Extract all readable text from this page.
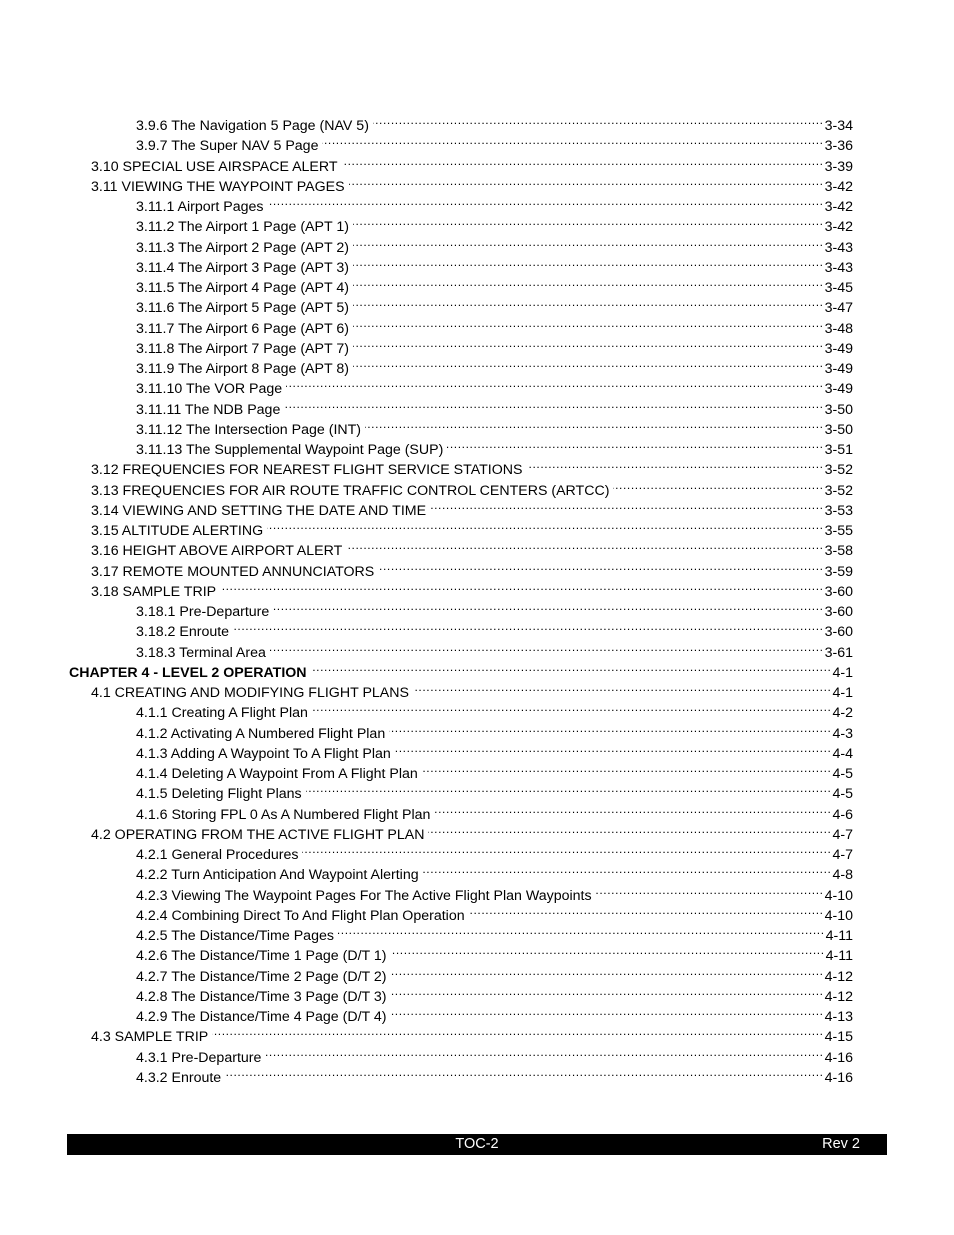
3.9.6 The Navigation 5 Page (NAV 5) .....	3-34
3.9.7 The Super NAV 5 Page .....	3-36
3.10 SPECIAL USE AIRSPACE ALERT .....	3-39
3.11 VIEWING THE WAYPOINT PAGES .....	3-42
3.11.1 Airport Pages .....	3-42
3.11.2 The Airport 1 Page (APT 1) .....	3-42
3.11.3 The Airport 2 Page (APT 2) .....	3-43
3.11.4 The Airport 3 Page (APT 3) .....	3-43
3.11.5 The Airport 4 Page (APT 4) .....	3-45
3.11.6 The Airport 5 Page (APT 5) .....	3-47
3.11.7 The Airport 6 Page (APT 6) .....	3-48
3.11.8 The Airport 7 Page (APT 7) .....	3-49
3.11.9 The Airport 8 Page (APT 8) .....	3-49
3.11.10 The VOR Page .....	3-49
3.11.11 The NDB Page .....	3-50
3.11.12 The Intersection Page (INT) .....	3-50
3.11.13 The Supplemental Waypoint Page (SUP) .....	3-51
3.12 FREQUENCIES FOR NEAREST FLIGHT SERVICE STATIONS .....	3-52
3.13 FREQUENCIES FOR AIR ROUTE TRAFFIC CONTROL CENTERS (ARTCC) .....	3-52
3.14 VIEWING AND SETTING THE DATE AND TIME .....	3-53
3.15 ALTITUDE ALERTING .....	3-55
3.16 HEIGHT ABOVE AIRPORT ALERT .....	3-58
3.17 REMOTE MOUNTED ANNUNCIATORS .....	3-59
3.18 SAMPLE TRIP .....	3-60
3.18.1 Pre-Departure .....	3-60
3.18.2 Enroute .....	3-60
3.18.3 Terminal Area .....	3-61
CHAPTER 4 - LEVEL 2 OPERATION .....	4-1
4.1 CREATING AND MODIFYING FLIGHT PLANS .....	4-1
4.1.1 Creating A Flight Plan .....	4-2
4.1.2 Activating A Numbered Flight Plan .....	4-3
4.1.3 Adding A Waypoint To A Flight Plan .....	4-4
4.1.4 Deleting A Waypoint From A Flight Plan .....	4-5
4.1.5 Deleting Flight Plans .....	4-5
4.1.6 Storing FPL 0 As A Numbered Flight Plan .....	4-6
4.2 OPERATING FROM THE ACTIVE FLIGHT PLAN .....	4-7
4.2.1 General Procedures .....	4-7
4.2.2 Turn Anticipation And Waypoint Alerting .....	4-8
4.2.3 Viewing The Waypoint Pages For The Active Flight Plan Waypoints .....	4-10
4.2.4 Combining Direct To And Flight Plan Operation .....	4-10
4.2.5 The Distance/Time Pages .....	4-11
4.2.6 The Distance/Time 1 Page (D/T 1) .....	4-11
4.2.7 The Distance/Time 2 Page (D/T 2) .....	4-12
4.2.8 The Distance/Time 3 Page (D/T 3) .....	4-12
4.2.9 The Distance/Time 4 Page (D/T 4) .....	4-13
4.3 SAMPLE TRIP .....	4-15
4.3.1 Pre-Departure .....	4-16
4.3.2 Enroute .....	4-16
TOC-2	Rev 2
